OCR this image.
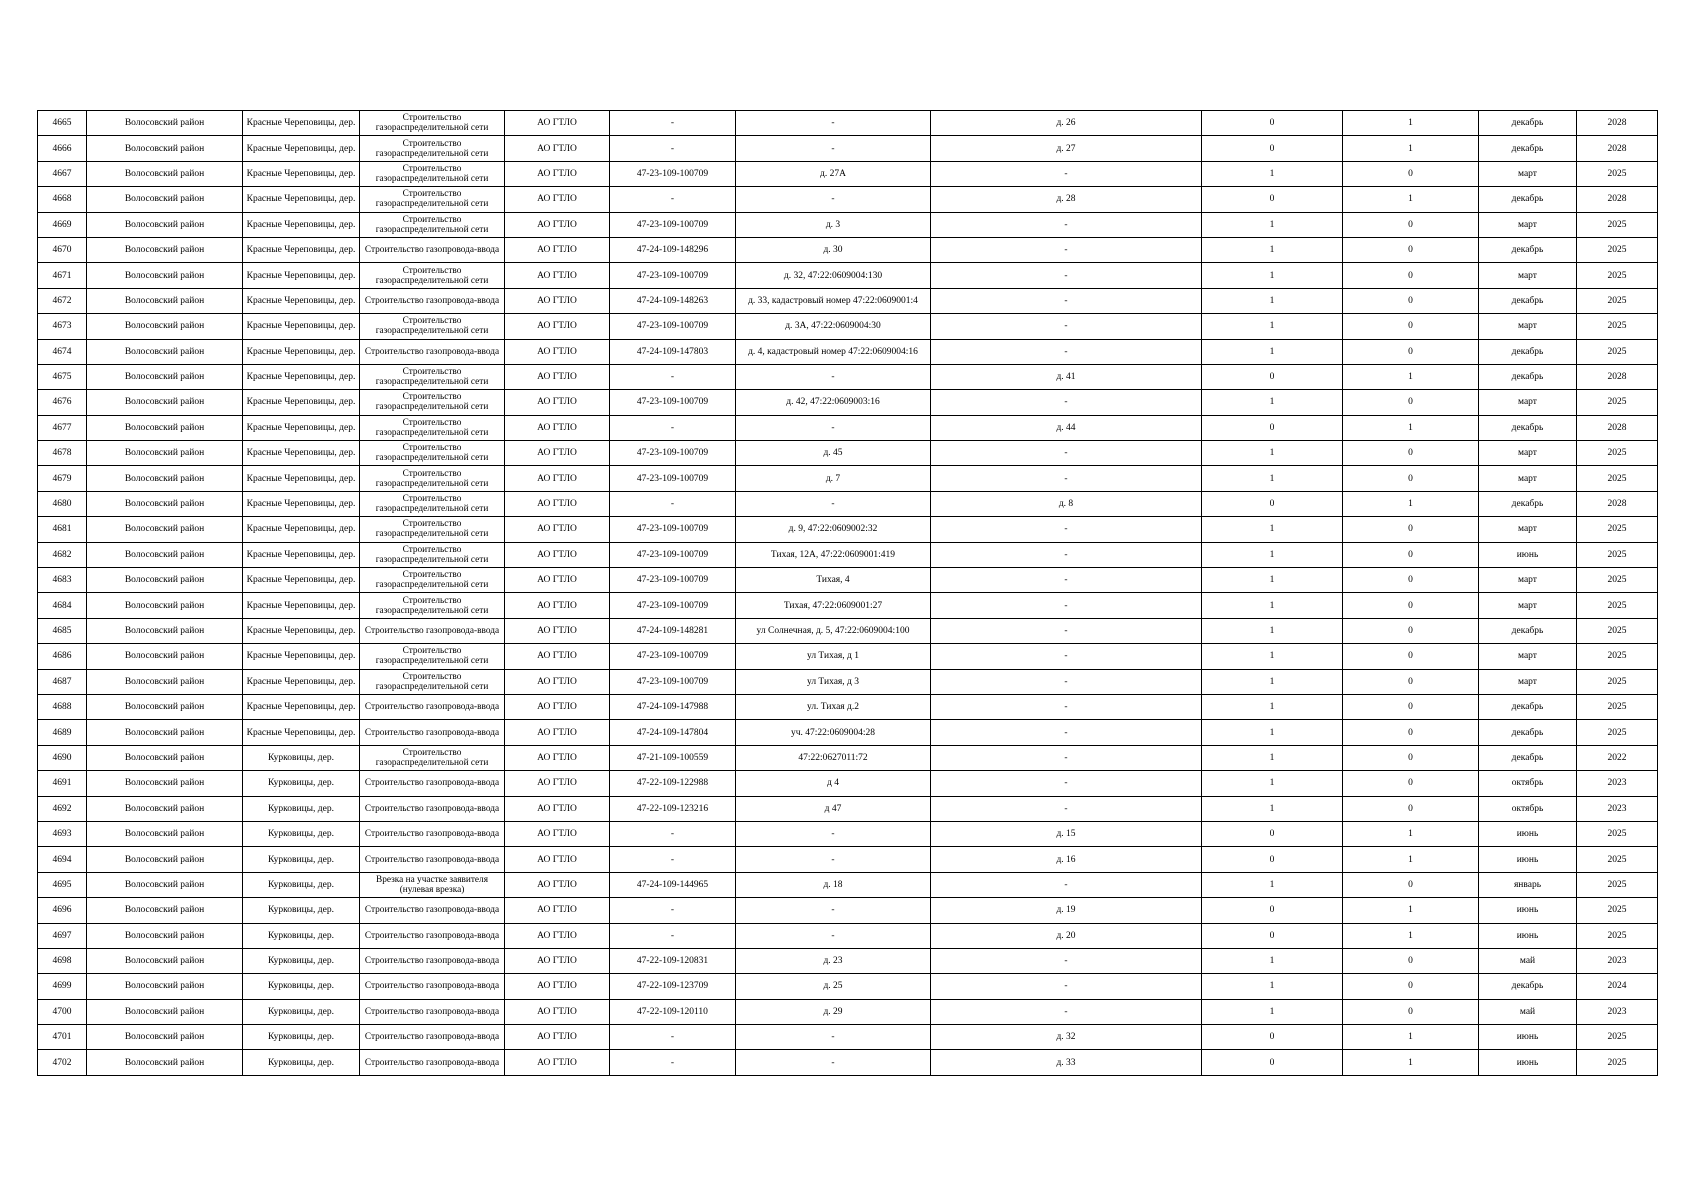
4665	Волосовский район	Красные Череповицы, дер.	Строительство газораспределительной сети	АО ГТЛО	-	-	д. 26	0	1	декабрь	2028
4666	Волосовский район	Красные Череповицы, дер.	Строительство газораспределительной сети	АО ГТЛО	-	-	д. 27	0	1	декабрь	2028
4667	Волосовский район	Красные Череповицы, дер.	Строительство газораспределительной сети	АО ГТЛО	47-23-109-100709	д. 27А	-	1	0	март	2025
4668	Волосовский район	Красные Череповицы, дер.	Строительство газораспределительной сети	АО ГТЛО	-	-	д. 28	0	1	декабрь	2028
4669	Волосовский район	Красные Череповицы, дер.	Строительство газораспределительной сети	АО ГТЛО	47-23-109-100709	д. 3	-	1	0	март	2025
4670	Волосовский район	Красные Череповицы, дер.	Строительство газопровода-ввода	АО ГТЛО	47-24-109-148296	д. 30	-	1	0	декабрь	2025
4671	Волосовский район	Красные Череповицы, дер.	Строительство газораспределительной сети	АО ГТЛО	47-23-109-100709	д. 32, 47:22:0609004:130	-	1	0	март	2025
4672	Волосовский район	Красные Череповицы, дер.	Строительство газопровода-ввода	АО ГТЛО	47-24-109-148263	д. 33, кадастровый номер 47:22:0609001:4	-	1	0	декабрь	2025
4673	Волосовский район	Красные Череповицы, дер.	Строительство газораспределительной сети	АО ГТЛО	47-23-109-100709	д. 3А, 47:22:0609004:30	-	1	0	март	2025
4674	Волосовский район	Красные Череповицы, дер.	Строительство газопровода-ввода	АО ГТЛО	47-24-109-147803	д. 4, кадастровый номер 47:22:0609004:16	-	1	0	декабрь	2025
4675	Волосовский район	Красные Череповицы, дер.	Строительство газораспределительной сети	АО ГТЛО	-	-	д. 41	0	1	декабрь	2028
4676	Волосовский район	Красные Череповицы, дер.	Строительство газораспределительной сети	АО ГТЛО	47-23-109-100709	д. 42, 47:22:0609003:16	-	1	0	март	2025
4677	Волосовский район	Красные Череповицы, дер.	Строительство газораспределительной сети	АО ГТЛО	-	-	д. 44	0	1	декабрь	2028
4678	Волосовский район	Красные Череповицы, дер.	Строительство газораспределительной сети	АО ГТЛО	47-23-109-100709	д. 45	-	1	0	март	2025
4679	Волосовский район	Красные Череповицы, дер.	Строительство газораспределительной сети	АО ГТЛО	47-23-109-100709	д. 7	-	1	0	март	2025
4680	Волосовский район	Красные Череповицы, дер.	Строительство газораспределительной сети	АО ГТЛО	-	-	д. 8	0	1	декабрь	2028
4681	Волосовский район	Красные Череповицы, дер.	Строительство газораспределительной сети	АО ГТЛО	47-23-109-100709	д. 9, 47:22:0609002:32	-	1	0	март	2025
4682	Волосовский район	Красные Череповицы, дер.	Строительство газораспределительной сети	АО ГТЛО	47-23-109-100709	Тихая, 12А, 47:22:0609001:419	-	1	0	июнь	2025
4683	Волосовский район	Красные Череповицы, дер.	Строительство газораспределительной сети	АО ГТЛО	47-23-109-100709	Тихая, 4	-	1	0	март	2025
4684	Волосовский район	Красные Череповицы, дер.	Строительство газораспределительной сети	АО ГТЛО	47-23-109-100709	Тихая, 47:22:0609001:27	-	1	0	март	2025
4685	Волосовский район	Красные Череповицы, дер.	Строительство газопровода-ввода	АО ГТЛО	47-24-109-148281	ул Солнечная, д. 5, 47:22:0609004:100	-	1	0	декабрь	2025
4686	Волосовский район	Красные Череповицы, дер.	Строительство газораспределительной сети	АО ГТЛО	47-23-109-100709	ул Тихая, д 1	-	1	0	март	2025
4687	Волосовский район	Красные Череповицы, дер.	Строительство газораспределительной сети	АО ГТЛО	47-23-109-100709	ул Тихая, д 3	-	1	0	март	2025
4688	Волосовский район	Красные Череповицы, дер.	Строительство газопровода-ввода	АО ГТЛО	47-24-109-147988	ул. Тихая д.2	-	1	0	декабрь	2025
4689	Волосовский район	Красные Череповицы, дер.	Строительство газопровода-ввода	АО ГТЛО	47-24-109-147804	уч. 47:22:0609004:28	-	1	0	декабрь	2025
4690	Волосовский район	Курковицы, дер.	Строительство газораспределительной сети	АО ГТЛО	47-21-109-100559	47:22:0627011:72	-	1	0	декабрь	2022
4691	Волосовский район	Курковицы, дер.	Строительство газопровода-ввода	АО ГТЛО	47-22-109-122988	д 4	-	1	0	октябрь	2023
4692	Волосовский район	Курковицы, дер.	Строительство газопровода-ввода	АО ГТЛО	47-22-109-123216	д 47	-	1	0	октябрь	2023
4693	Волосовский район	Курковицы, дер.	Строительство газопровода-ввода	АО ГТЛО	-	-	д. 15	0	1	июнь	2025
4694	Волосовский район	Курковицы, дер.	Строительство газопровода-ввода	АО ГТЛО	-	-	д. 16	0	1	июнь	2025
4695	Волосовский район	Курковицы, дер.	Врезка на участке заявителя (нулевая врезка)	АО ГТЛО	47-24-109-144965	д. 18	-	1	0	январь	2025
4696	Волосовский район	Курковицы, дер.	Строительство газопровода-ввода	АО ГТЛО	-	-	д. 19	0	1	июнь	2025
4697	Волосовский район	Курковицы, дер.	Строительство газопровода-ввода	АО ГТЛО	-	-	д. 20	0	1	июнь	2025
4698	Волосовский район	Курковицы, дер.	Строительство газопровода-ввода	АО ГТЛО	47-22-109-120831	д. 23	-	1	0	май	2023
4699	Волосовский район	Курковицы, дер.	Строительство газопровода-ввода	АО ГТЛО	47-22-109-123709	д. 25	-	1	0	декабрь	2024
4700	Волосовский район	Курковицы, дер.	Строительство газопровода-ввода	АО ГТЛО	47-22-109-120110	д. 29	-	1	0	май	2023
4701	Волосовский район	Курковицы, дер.	Строительство газопровода-ввода	АО ГТЛО	-	-	д. 32	0	1	июнь	2025
4702	Волосовский район	Курковицы, дер.	Строительство газопровода-ввода	АО ГТЛО	-	-	д. 33	0	1	июнь	2025
